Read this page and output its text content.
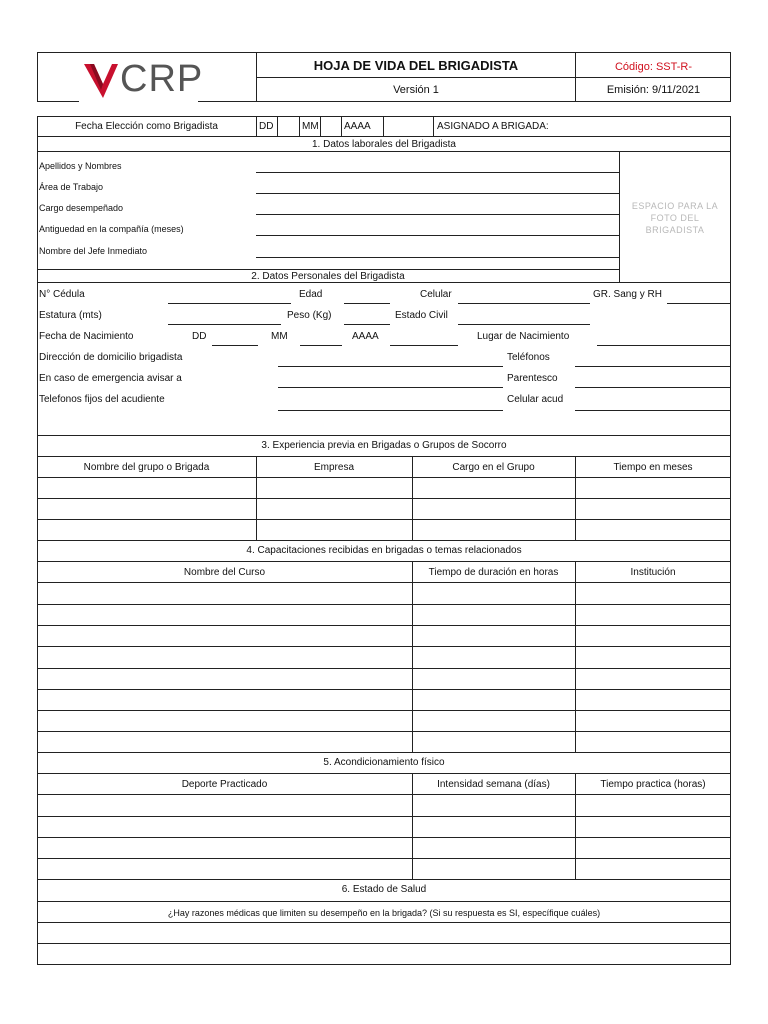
CRP	HOJA DE VIDA DEL BRIGADISTA	Código: SST-R-
Versión 1	Emisión: 9/11/2021
Fecha Elección como Brigadista	DD	MM	AAAA	ASIGNADO A BRIGADA:
1. Datos laborales del Brigadista
ESPACIO PARA LA FOTO DEL BRIGADISTA
Apellidos y Nombres
Área de Trabajo
Cargo desempeñado
Antiguedad en la compañía (meses)
Nombre del Jefe Inmediato
2. Datos Personales del Brigadista
N° Cédula	Edad	Celular	GR. Sang y RH
Estatura (mts)	Peso (Kg)	Estado Civil
Fecha de Nacimiento	DD	MM	AAAA	Lugar de Nacimiento
Dirección de domicilio brigadista	Teléfonos
En caso de emergencia avisar a	Parentesco
Telefonos fijos del acudiente	Celular acud
3. Experiencia previa en Brigadas o Grupos de Socorro
Nombre del grupo o Brigada	Empresa	Cargo en el Grupo	Tiempo en meses
4. Capacitaciones recibidas en brigadas o temas relacionados
Nombre del Curso	Tiempo de duración en horas	Institución
5. Acondicionamiento físico
Deporte Practicado	Intensidad semana (días)	Tiempo practica (horas)
6. Estado de Salud
¿Hay razones médicas que limiten su desempeño en la brigada? (Si su respuesta es SI, específique cuáles)
